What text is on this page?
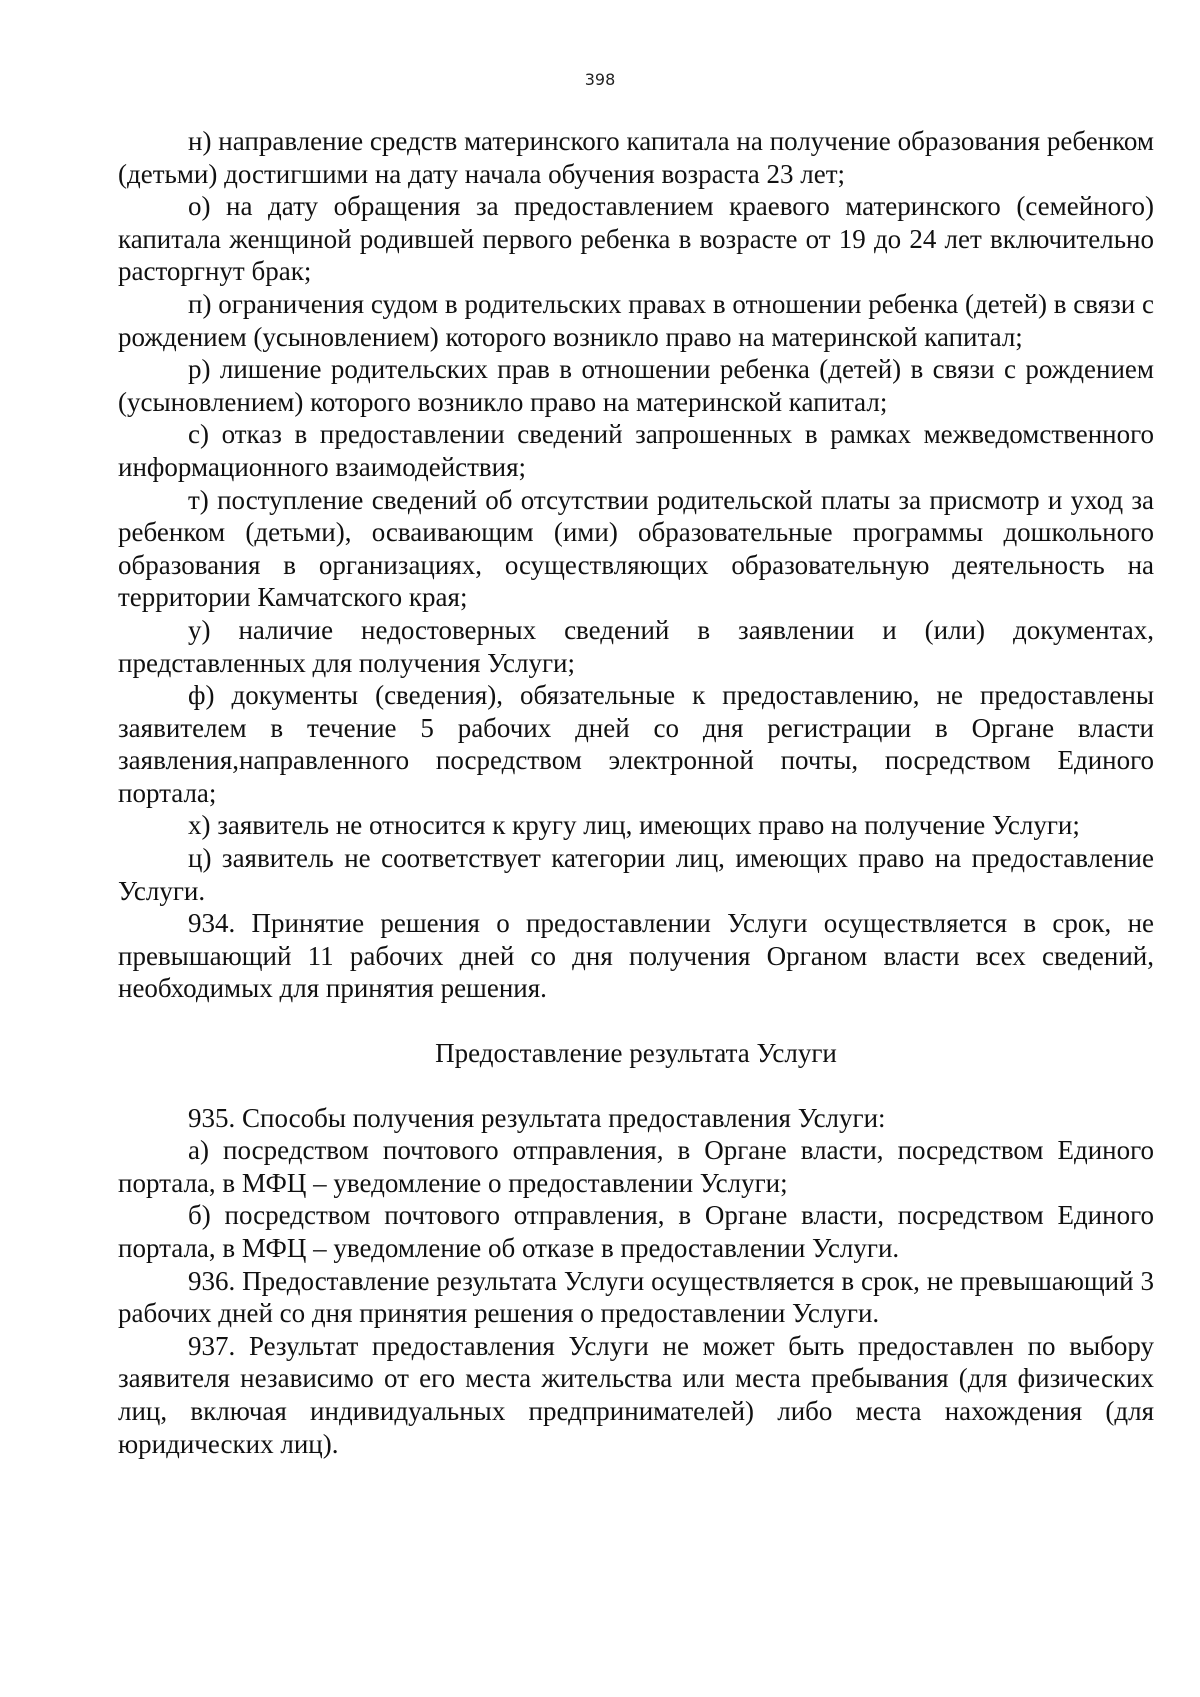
398

н) направление средств материнского капитала на получение образования ребенком (детьми) достигшими на дату начала обучения возраста 23 лет;

о) на дату обращения за предоставлением краевого материнского (семейного) капитала женщиной родившей первого ребенка в возрасте от 19 до 24 лет включительно расторгнут брак;

п) ограничения судом в родительских правах в отношении ребенка (детей) в связи с рождением (усыновлением) которого возникло право на материнской капитал;

р) лишение родительских прав в отношении ребенка (детей) в связи с рождением (усыновлением) которого возникло право на материнской капитал;

с) отказ в предоставлении сведений запрошенных в рамках межведомственного информационного взаимодействия;

т) поступление сведений об отсутствии родительской платы за присмотр и уход за ребенком (детьми), осваивающим (ими) образовательные программы дошкольного образования в организациях, осуществляющих образовательную деятельность на территории Камчатского края;

у) наличие недостоверных сведений в заявлении и (или) документах, представленных для получения Услуги;

ф) документы (сведения), обязательные к предоставлению, не предоставлены заявителем в течение 5 рабочих дней со дня регистрации в Органе власти заявления,направленного посредством электронной почты, посредством Единого портала;

х) заявитель не относится к кругу лиц, имеющих право на получение Услуги;

ц) заявитель не соответствует категории лиц, имеющих право на предоставление Услуги.

934. Принятие решения о предоставлении Услуги осуществляется в срок, не превышающий 11 рабочих дней со дня получения Органом власти всех сведений, необходимых для принятия решения.

Предоставление результата Услуги

935. Способы получения результата предоставления Услуги:

а) посредством почтового отправления, в Органе власти, посредством Единого портала, в МФЦ – уведомление о предоставлении Услуги;

б) посредством почтового отправления, в Органе власти, посредством Единого портала, в МФЦ – уведомление об отказе в предоставлении Услуги.

936. Предоставление результата Услуги осуществляется в срок, не превышающий 3 рабочих дней со дня принятия решения о предоставлении Услуги.

937. Результат предоставления Услуги не может быть предоставлен по выбору заявителя независимо от его места жительства или места пребывания (для физических лиц, включая индивидуальных предпринимателей) либо места нахождения (для юридических лиц).
